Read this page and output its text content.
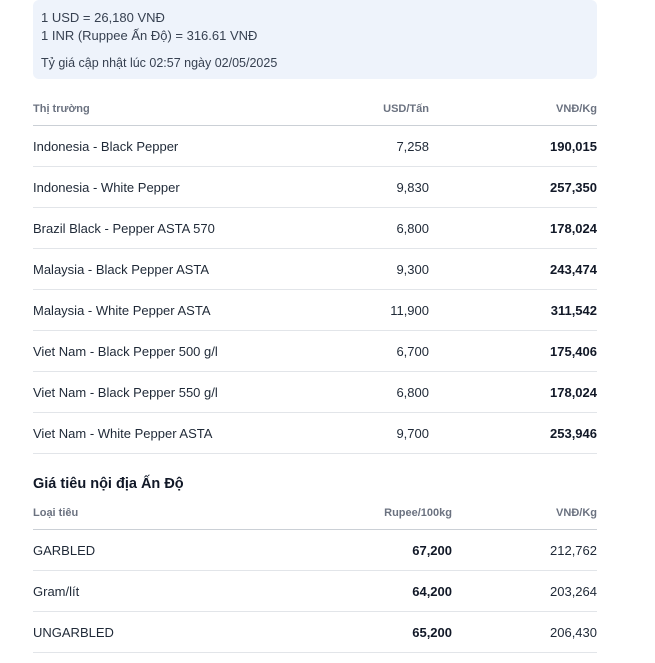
1 USD = 26,180 VNĐ
1 INR (Ruppee Ấn Độ) = 316.61 VNĐ
Tỷ giá cập nhật lúc 02:57 ngày 02/05/2025
Thị trường	USD/Tấn	VNĐ/Kg
Indonesia - Black Pepper	7,258	190,015
Indonesia - White Pepper	9,830	257,350
Brazil Black - Pepper ASTA 570	6,800	178,024
Malaysia - Black Pepper ASTA	9,300	243,474
Malaysia - White Pepper ASTA	11,900	311,542
Viet Nam - Black Pepper 500 g/l	6,700	175,406
Viet Nam - Black Pepper 550 g/l	6,800	178,024
Viet Nam - White Pepper ASTA	9,700	253,946
Giá tiêu nội địa Ấn Độ
Loại tiêu	Rupee/100kg	VNĐ/Kg
GARBLED	67,200	212,762
Gram/lít	64,200	203,264
UNGARBLED	65,200	206,430
